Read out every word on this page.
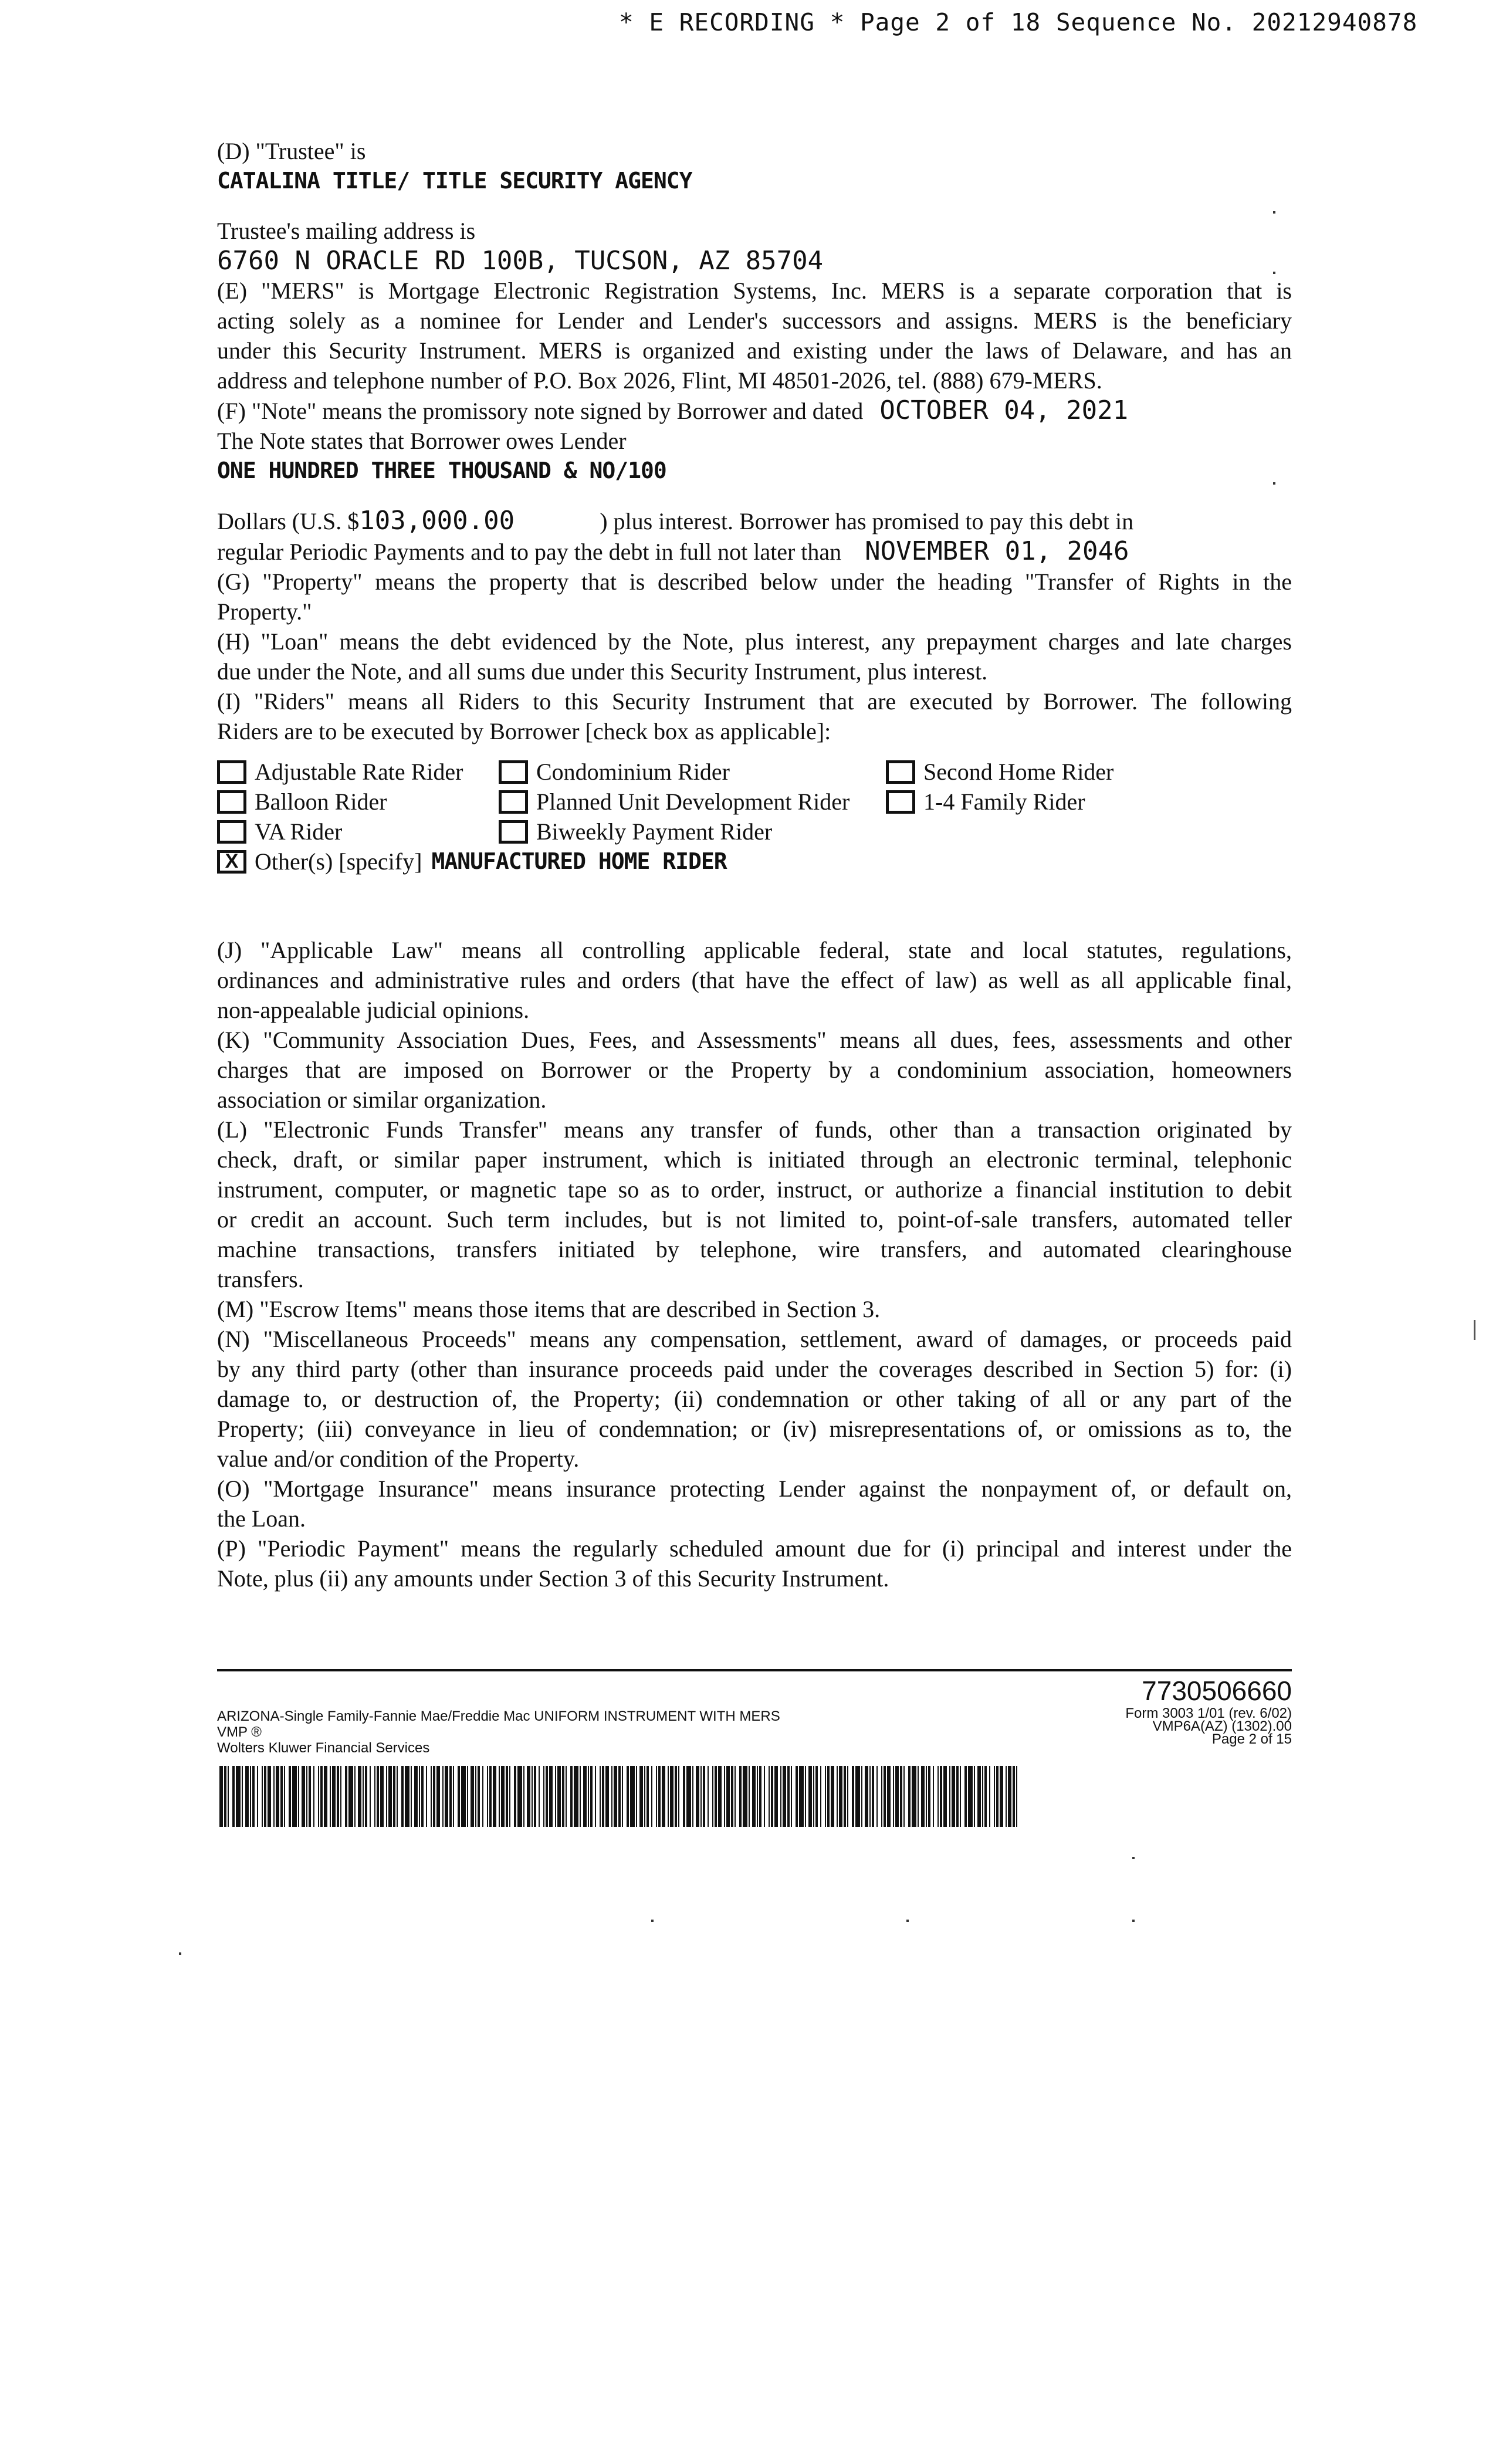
* E RECORDING * Page 2 of 18 Sequence No. 20212940878
(D) "Trustee" is
CATALINA TITLE/ TITLE SECURITY AGENCY
Trustee's mailing address is
6760 N ORACLE RD 100B, TUCSON, AZ 85704
(E) "MERS" is Mortgage Electronic Registration Systems, Inc. MERS is a separate corporation that is
acting solely as a nominee for Lender and Lender's successors and assigns. MERS is the beneficiary
under this Security Instrument. MERS is organized and existing under the laws of Delaware, and has an
address and telephone number of P.O. Box 2026, Flint, MI 48501-2026, tel. (888) 679-MERS.
(F) "Note" means the promissory note signed by Borrower and dated OCTOBER 04, 2021
The Note states that Borrower owes Lender
ONE HUNDRED THREE THOUSAND & NO/100
Dollars (U.S. $103,000.00	) plus interest. Borrower has promised to pay this debt in
regular Periodic Payments and to pay the debt in full not later than NOVEMBER 01, 2046
(G) "Property" means the property that is described below under the heading "Transfer of Rights in the
Property."
(H) "Loan" means the debt evidenced by the Note, plus interest, any prepayment charges and late charges
due under the Note, and all sums due under this Security Instrument, plus interest.
(I) "Riders" means all Riders to this Security Instrument that are executed by Borrower. The following
Riders are to be executed by Borrower [check box as applicable]:
Adjustable Rate Rider	Condominium Rider	Second Home Rider
Balloon Rider	Planned Unit Development Rider	1-4 Family Rider
VA Rider	Biweekly Payment Rider
X Other(s) [specify] MANUFACTURED HOME RIDER
(J) "Applicable Law" means all controlling applicable federal, state and local statutes, regulations,
ordinances and administrative rules and orders (that have the effect of law) as well as all applicable final,
non-appealable judicial opinions.
(K) "Community Association Dues, Fees, and Assessments" means all dues, fees, assessments and other
charges that are imposed on Borrower or the Property by a condominium association, homeowners
association or similar organization.
(L) "Electronic Funds Transfer" means any transfer of funds, other than a transaction originated by
check, draft, or similar paper instrument, which is initiated through an electronic terminal, telephonic
instrument, computer, or magnetic tape so as to order, instruct, or authorize a financial institution to debit
or credit an account. Such term includes, but is not limited to, point-of-sale transfers, automated teller
machine transactions, transfers initiated by telephone, wire transfers, and automated clearinghouse
transfers.
(M) "Escrow Items" means those items that are described in Section 3.
(N) "Miscellaneous Proceeds" means any compensation, settlement, award of damages, or proceeds paid
by any third party (other than insurance proceeds paid under the coverages described in Section 5) for: (i)
damage to, or destruction of, the Property; (ii) condemnation or other taking of all or any part of the
Property; (iii) conveyance in lieu of condemnation; or (iv) misrepresentations of, or omissions as to, the
value and/or condition of the Property.
(O) "Mortgage Insurance" means insurance protecting Lender against the nonpayment of, or default on,
the Loan.
(P) "Periodic Payment" means the regularly scheduled amount due for (i) principal and interest under the
Note, plus (ii) any amounts under Section 3 of this Security Instrument.
7730506660
ARIZONA-Single Family-Fannie Mae/Freddie Mac UNIFORM INSTRUMENT WITH MERS
VMP ®
Wolters Kluwer Financial Services
Form 3003 1/01 (rev. 6/02)
VMP6A(AZ) (1302).00
Page 2 of 15
